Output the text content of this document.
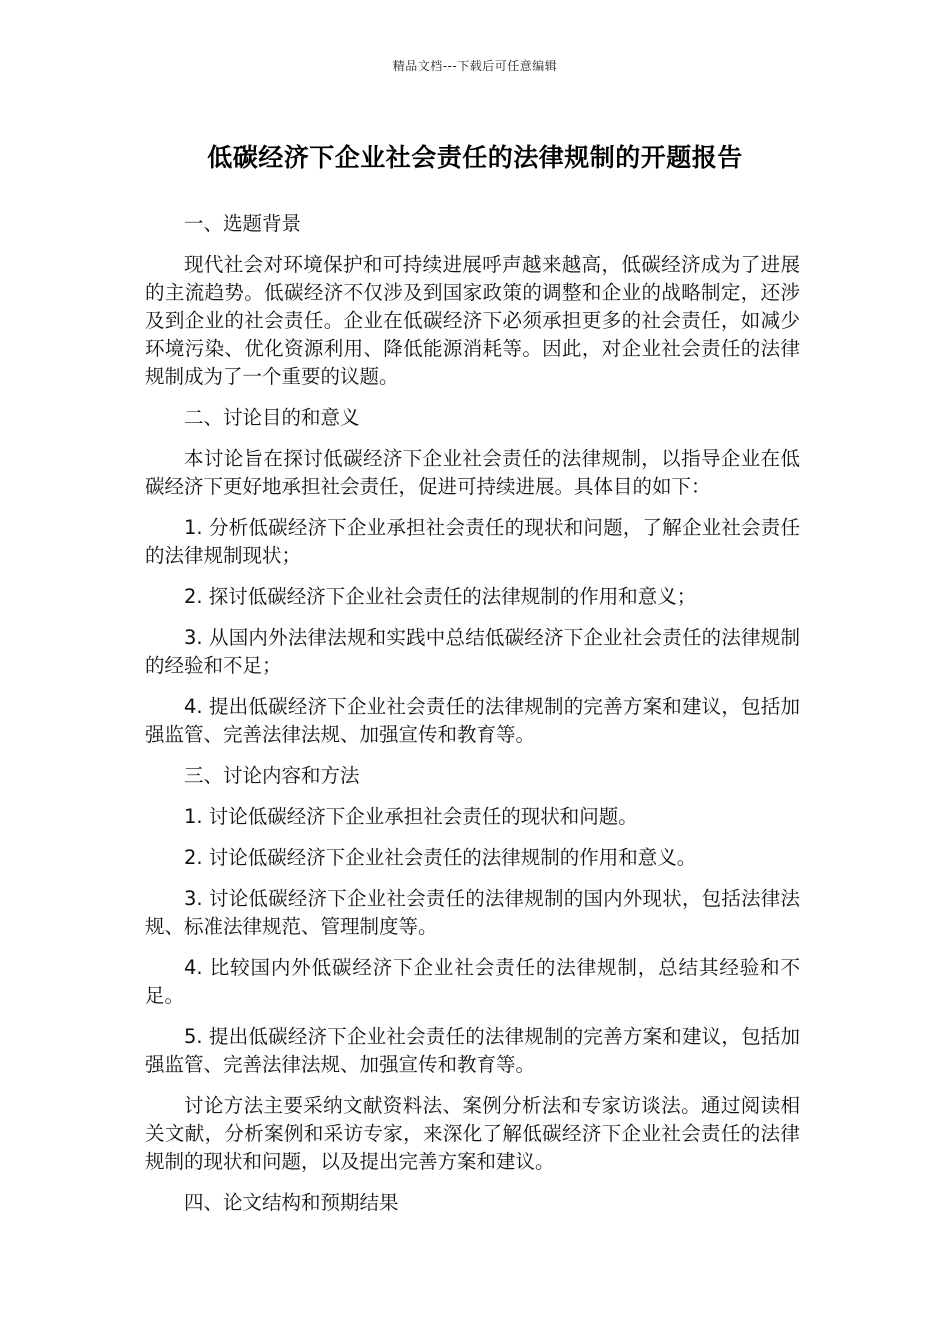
精品文档---下载后可任意编辑
低碳经济下企业社会责任的法律规制的开题报告

一、选题背景

现代社会对环境保护和可持续进展呼声越来越高，低碳经济成为了进展的主流趋势。低碳经济不仅涉及到国家政策的调整和企业的战略制定，还涉及到企业的社会责任。企业在低碳经济下必须承担更多的社会责任，如减少环境污染、优化资源利用、降低能源消耗等。因此，对企业社会责任的法律规制成为了一个重要的议题。

二、讨论目的和意义

本讨论旨在探讨低碳经济下企业社会责任的法律规制，以指导企业在低碳经济下更好地承担社会责任，促进可持续进展。具体目的如下：

1. 分析低碳经济下企业承担社会责任的现状和问题，了解企业社会责任的法律规制现状；

2. 探讨低碳经济下企业社会责任的法律规制的作用和意义；

3. 从国内外法律法规和实践中总结低碳经济下企业社会责任的法律规制的经验和不足；

4. 提出低碳经济下企业社会责任的法律规制的完善方案和建议，包括加强监管、完善法律法规、加强宣传和教育等。

三、讨论内容和方法

1. 讨论低碳经济下企业承担社会责任的现状和问题。

2. 讨论低碳经济下企业社会责任的法律规制的作用和意义。

3. 讨论低碳经济下企业社会责任的法律规制的国内外现状，包括法律法规、标准法律规范、管理制度等。

4. 比较国内外低碳经济下企业社会责任的法律规制，总结其经验和不足。

5. 提出低碳经济下企业社会责任的法律规制的完善方案和建议，包括加强监管、完善法律法规、加强宣传和教育等。

讨论方法主要采纳文献资料法、案例分析法和专家访谈法。通过阅读相关文献，分析案例和采访专家，来深化了解低碳经济下企业社会责任的法律规制的现状和问题，以及提出完善方案和建议。

四、论文结构和预期结果
